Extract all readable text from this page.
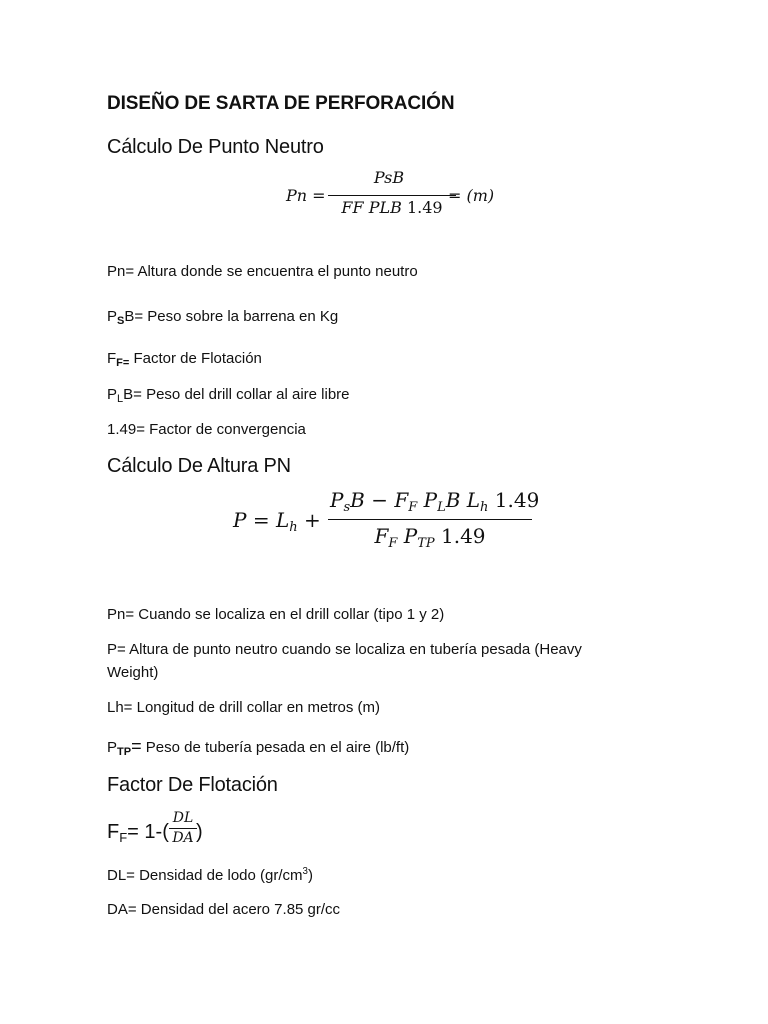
DISEÑO DE SARTA DE PERFORACIÓN
Cálculo De Punto Neutro
Pn =
PsB
FF PLB 1.49
= (m)
Pn= Altura donde se encuentra el punto neutro
$P_SB=$ Peso sobre la barrena en Kg
$F_{F=}$ Factor de Flotación
$P_LB=$ Peso del drill collar al aire libre
1.49= Factor de convergencia
Cálculo De Altura PN
$P = L_h$ +
$P_sB - F_F$ $P_LB$ $L_h$ 1.49
$F_F$ $P_{TP}$ 1.49
Pn= Cuando se localiza en el drill collar (tipo 1 y 2)
P= Altura de punto neutro cuando se localiza en tubería pesada (Heavy
Weight)
Lh= Longitud de drill collar en metros (m)
$P_{TP}=$ Peso de tubería pesada en el aire (lb/ft)
Factor De Flotación
$F_F= 1-$(
DL
DA )
DL= Densidad de lodo $(gr/cm^3)$
DA= Densidad del acero 7.85 gr/cc
